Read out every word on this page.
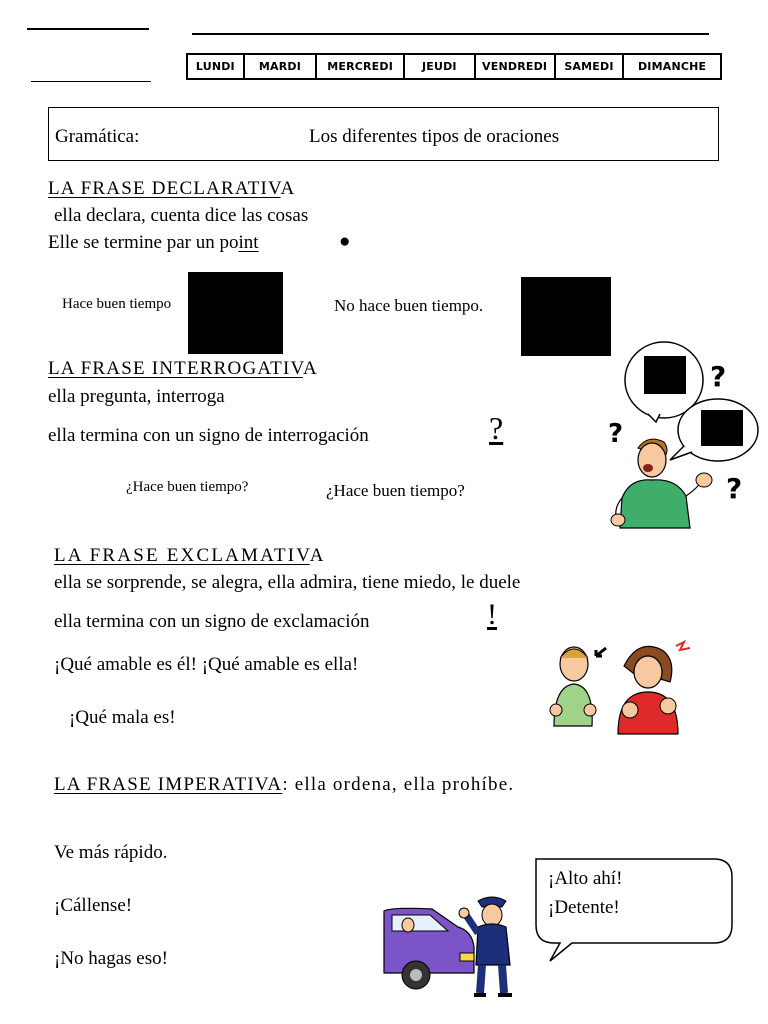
LUNDI	MARDI	MERCREDI	JEUDI	VENDREDI	SAMEDI	DIMANCHE
Gramática:	Los diferentes tipos de oraciones
LA FRASE DECLARATIVA
ella declara, cuenta dice las cosas
Elle se termine par un point	●
Hace buen tiempo	No hace buen tiempo.
LA FRASE INTERROGATIVA
ella pregunta, interroga
ella termina con un signo de interrogación	?
¿Hace buen tiempo?	¿Hace buen tiempo?
?
?
?
LA FRASE EXCLAMATIVA
ella se sorprende, se alegra, ella admira, tiene miedo, le duele
ella termina con un signo de exclamación	!
¡Qué amable es él! ¡Qué amable es ella!
¡Qué mala es!
LA FRASE IMPERATIVA: ella ordena, ella prohíbe.
Ve más rápido.
¡Cállense!
¡No hagas eso!
¡Alto ahí!
¡Detente!
